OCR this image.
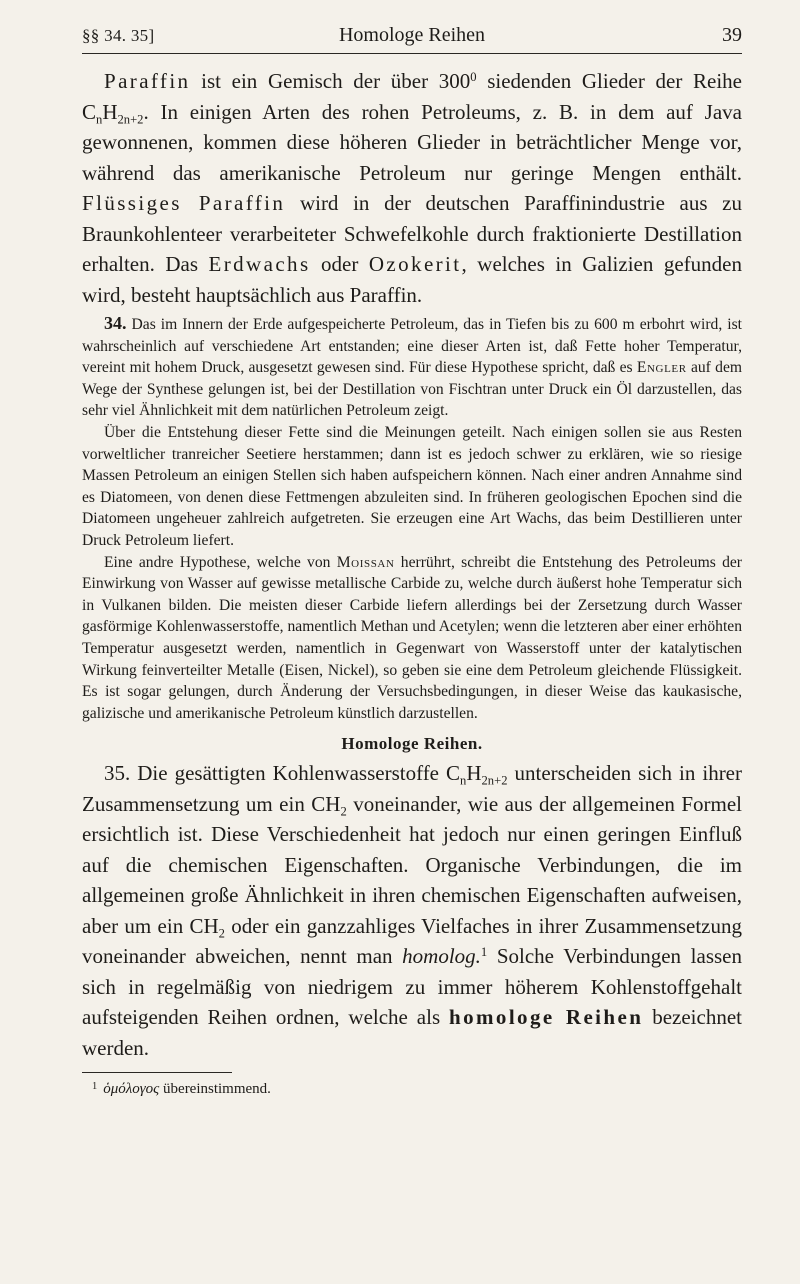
§§ 34. 35]	Homologe Reihen	39

Paraffin ist ein Gemisch der über $300^0$ siedenden Glieder der Reihe $C_nH_{2n+2}$. In einigen Arten des rohen Petroleums, z. B. in dem auf Java gewonnenen, kommen diese höheren Glieder in beträchtlicher Menge vor, während das amerikanische Petroleum nur geringe Mengen enthält. Flüssiges Paraffin wird in der deutschen Paraffinindustrie aus zu Braunkohlenteer verarbeiteter Schwefelkohle durch fraktionierte Destillation erhalten. Das Erdwachs oder Ozokerit, welches in Galizien gefunden wird, besteht hauptsächlich aus Paraffin.

34. Das im Innern der Erde aufgespeicherte Petroleum, das in Tiefen bis zu 600 m erbohrt wird, ist wahrscheinlich auf verschiedene Art entstanden; eine dieser Arten ist, daß Fette hoher Temperatur, vereint mit hohem Druck, ausgesetzt gewesen sind. Für diese Hypothese spricht, daß es Engler auf dem Wege der Synthese gelungen ist, bei der Destillation von Fischtran unter Druck ein Öl darzustellen, das sehr viel Ähnlichkeit mit dem natürlichen Petroleum zeigt.

Über die Entstehung dieser Fette sind die Meinungen geteilt. Nach einigen sollen sie aus Resten vorweltlicher tranreicher Seetiere herstammen; dann ist es jedoch schwer zu erklären, wie so riesige Massen Petroleum an einigen Stellen sich haben aufspeichern können. Nach einer andren Annahme sind es Diatomeen, von denen diese Fettmengen abzuleiten sind. In früheren geologischen Epochen sind die Diatomeen ungeheuer zahlreich aufgetreten. Sie erzeugen eine Art Wachs, das beim Destillieren unter Druck Petroleum liefert.

Eine andre Hypothese, welche von Moissan herrührt, schreibt die Entstehung des Petroleums der Einwirkung von Wasser auf gewisse metallische Carbide zu, welche durch äußerst hohe Temperatur sich in Vulkanen bilden. Die meisten dieser Carbide liefern allerdings bei der Zersetzung durch Wasser gasförmige Kohlenwasserstoffe, namentlich Methan und Acetylen; wenn die letzteren aber einer erhöhten Temperatur ausgesetzt werden, namentlich in Gegenwart von Wasserstoff unter der katalytischen Wirkung feinverteilter Metalle (Eisen, Nickel), so geben sie eine dem Petroleum gleichende Flüssigkeit. Es ist sogar gelungen, durch Änderung der Versuchsbedingungen, in dieser Weise das kaukasische, galizische und amerikanische Petroleum künstlich darzustellen.

Homologe Reihen.

35. Die gesättigten Kohlenwasserstoffe $C_nH_{2n+2}$ unterscheiden sich in ihrer Zusammensetzung um ein $CH_2$ voneinander, wie aus der allgemeinen Formel ersichtlich ist. Diese Verschiedenheit hat jedoch nur einen geringen Einfluß auf die chemischen Eigenschaften. Organische Verbindungen, die im allgemeinen große Ähnlichkeit in ihren chemischen Eigenschaften aufweisen, aber um ein $CH_2$ oder ein ganzzahliges Vielfaches in ihrer Zusammensetzung voneinander abweichen, nennt man homolog.$^1$ Solche Verbindungen lassen sich in regelmäßig von niedrigem zu immer höherem Kohlenstoffgehalt aufsteigenden Reihen ordnen, welche als homologe Reihen bezeichnet werden.

$^1$ ὁμόλογος übereinstimmend.
